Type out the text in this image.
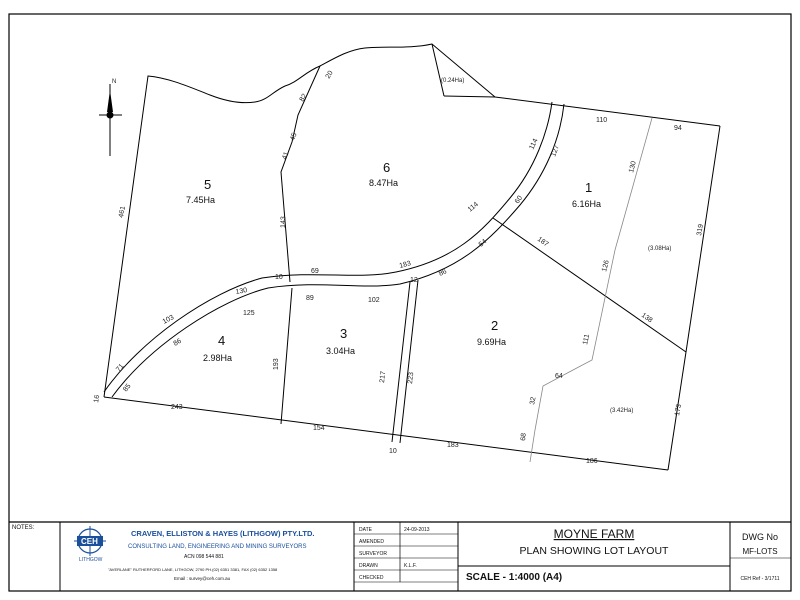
N
5
7.45Ha
6
8.47Ha	1
6.16Ha
2
9.69Ha
3
3.04Ha
4
2.98Ha
(0.24Ha)
(3.08Ha)
(3.42Ha)
461
243
154
183
186
173
319
110
94
130
126
111
64
32
68
127
114
114
60
187
138
54
86
183
12
69
10
102
89
125
130
103
86
71
85
16
193
217	223
10
143
41
45
82
20
NOTES:
CEH
LITHGOW
CRAVEN, ELLISTON & HAYES (LITHGOW) PTY.LTD.
CONSULTING LAND, ENGINEERING AND MINING SURVEYORS
ACN 098 544 881
"AVERLANE" RUTHERFORD LANE, LITHGOW, 2790 PH.(02) 6351 3381, FAX (02) 6352 1358
Email : survey@ceh.com.au
DATE	24-09-2013
AMENDED
SURVEYOR
DRAWN	K.L.F.
CHECKED
MOYNE FARM
PLAN SHOWING LOT LAYOUT
SCALE - 1:4000 (A4)
DWG No
MF-LOTS
CEH Ref - 3/1711
